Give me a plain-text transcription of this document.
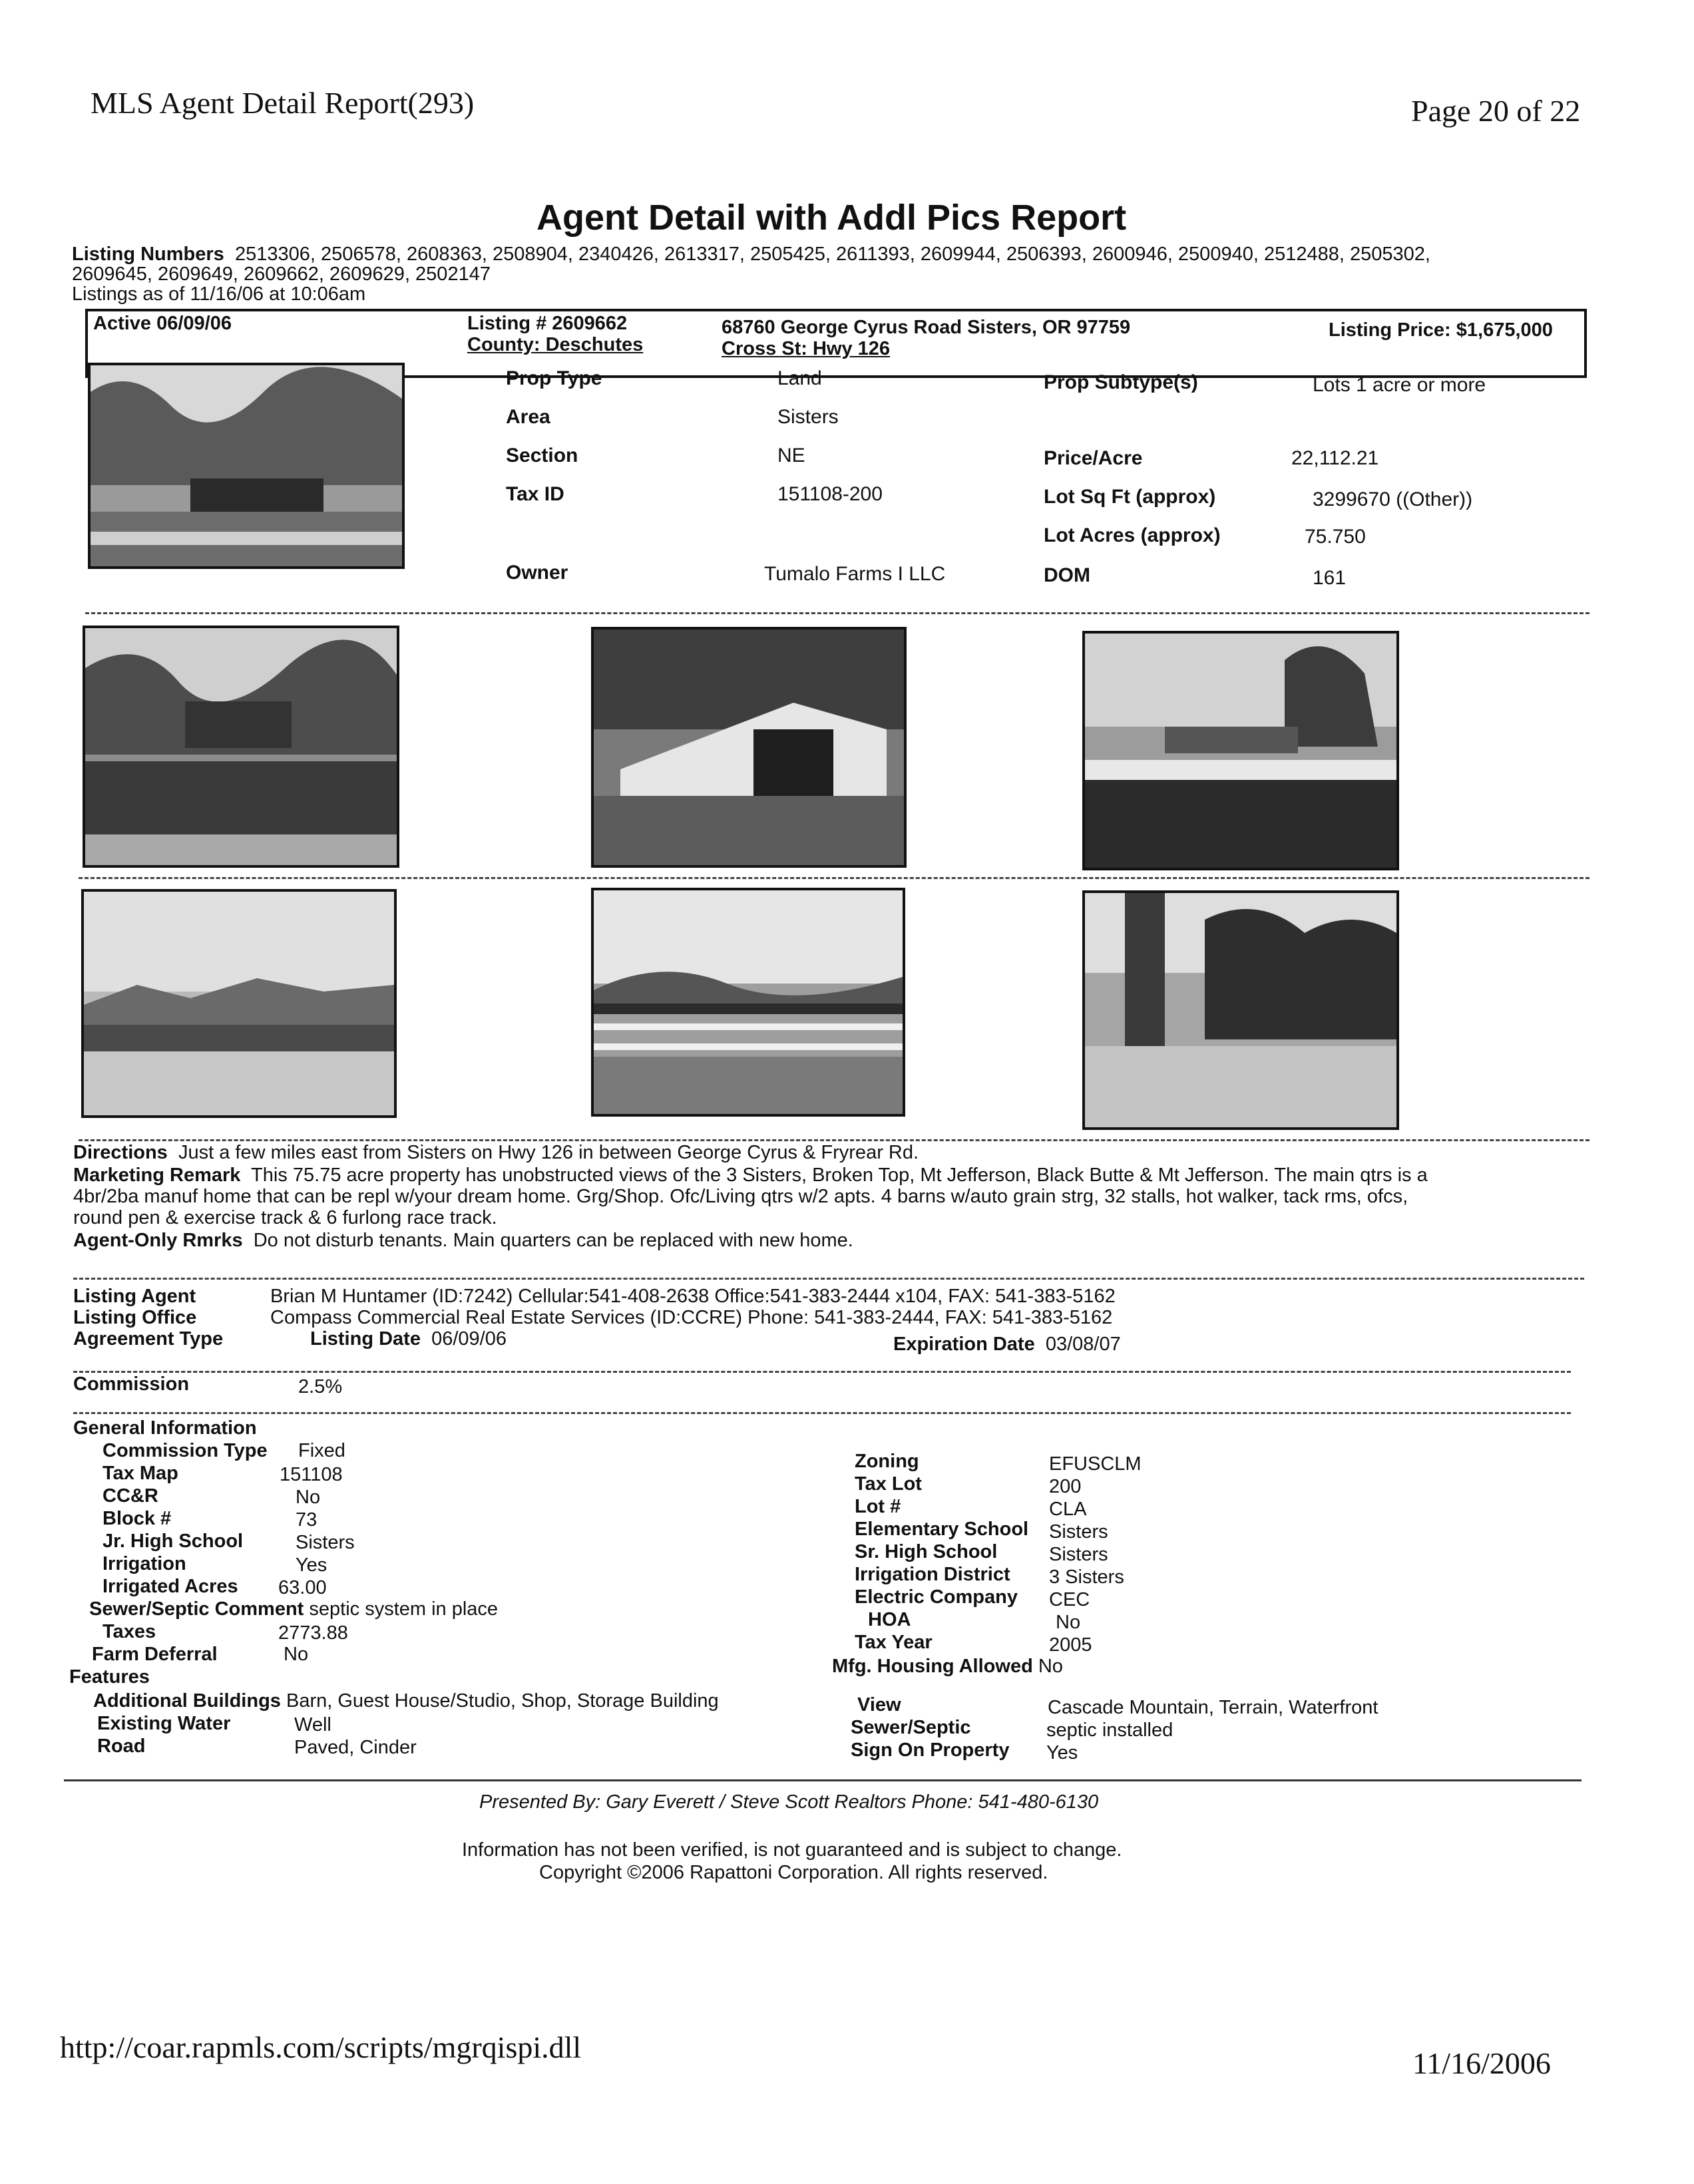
MLS Agent Detail Report(293)	Page 20 of 22
Agent Detail with Addl Pics Report
Listing Numbers 2513306, 2506578, 2608363, 2508904, 2340426, 2613317, 2505425, 2611393, 2609944, 2506393, 2600946, 2500940, 2512488, 2505302,
2609645, 2609649, 2609662, 2609629, 2502147
Listings as of 11/16/06 at 10:06am
Active 06/09/06	Listing # 2609662
County: Deschutes
68760 George Cyrus Road Sisters, OR 97759
Cross St: Hwy 126
Listing Price: $1,675,000
Prop Type	Land
Area	Sisters
Section	NE
Tax ID	151108-200
Owner	Tumalo Farms I LLC
Prop Subtype(s)	Lots 1 acre or more
Price/Acre	22,112.21
Lot Sq Ft (approx)	3299670 ((Other))
Lot Acres (approx)	75.750
DOM	161
Directions Just a few miles east from Sisters on Hwy 126 in between George Cyrus & Fryrear Rd.
Marketing Remark This 75.75 acre property has unobstructed views of the 3 Sisters, Broken Top, Mt Jefferson, Black Butte & Mt Jefferson. The main qtrs is a
4br/2ba manuf home that can be repl w/your dream home. Grg/Shop. Ofc/Living qtrs w/2 apts. 4 barns w/auto grain strg, 32 stalls, hot walker, tack rms, ofcs,
round pen & exercise track & 6 furlong race track.
Agent-Only Rmrks Do not disturb tenants. Main quarters can be replaced with new home.
Listing Agent	Brian M Huntamer (ID:7242) Cellular:541-408-2638 Office:541-383-2444 x104, FAX: 541-383-5162
Listing Office	Compass Commercial Real Estate Services (ID:CCRE) Phone: 541-383-2444, FAX: 541-383-5162
Agreement Type	Listing Date 06/09/06	Expiration Date 03/08/07
Commission	2.5%
General Information
Commission Type Fixed
Tax Map	151108
CC&R	No
Block #	73
Jr. High School	Sisters
Irrigation	Yes
Irrigated Acres 63.00
Sewer/Septic Comment septic system in place
Taxes	2773.88
Farm Deferral	No
Zoning	EFUSCLM
Tax Lot	200
Lot #	CLA
Elementary School Sisters
Sr. High School	Sisters
Irrigation District 3 Sisters
Electric Company CEC
HOA	No
Tax Year	2005
Mfg. Housing Allowed No
Features
Additional Buildings Barn, Guest House/Studio, Shop, Storage Building
Existing Water	Well
Road	Paved, Cinder
View	Cascade Mountain, Terrain, Waterfront
Sewer/Septic	septic installed
Sign On Property Yes
Presented By: Gary Everett / Steve Scott Realtors Phone: 541-480-6130
Information has not been verified, is not guaranteed and is subject to change.
Copyright ©2006 Rapattoni Corporation. All rights reserved.
http://coar.rapmls.com/scripts/mgrqispi.dll	11/16/2006
